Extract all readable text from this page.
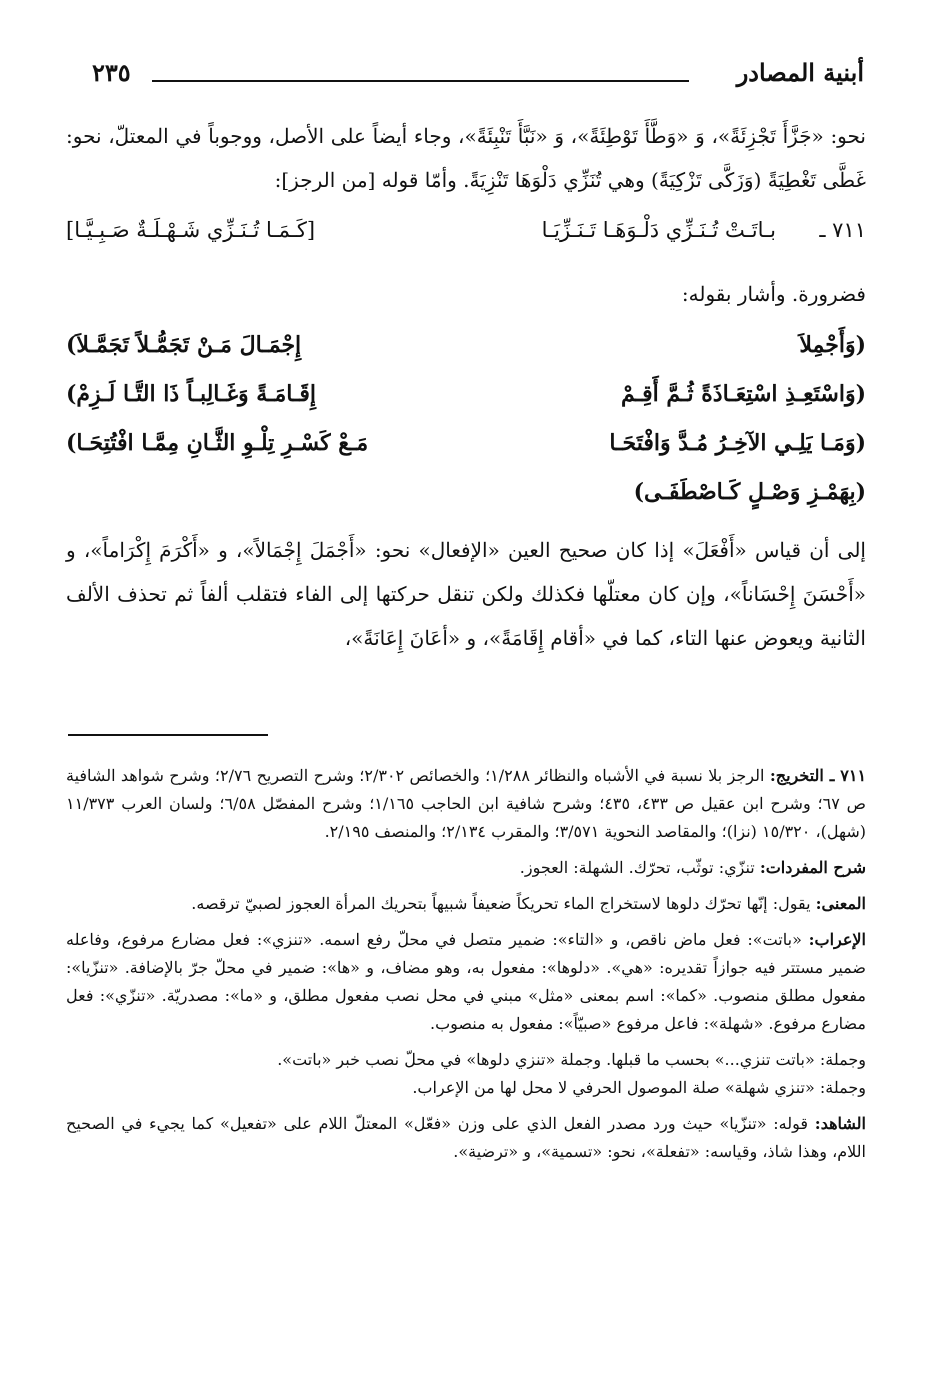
أبنية المصادر
٢٣٥
نحو: «جَزَّأَ تَجْزِئَةً»، وَ «وَطَّأَ تَوْطِئَةً»، وَ «نَبَّأَ تَنْبِئَةً»، وجاء أيضاً على الأصل، ووجوباً في المعتلّ، نحو: غَطَّى تَغْطِيَةً (وَزَكَّى تَزْكِيَةً) وهي تُنَزِّي دَلْوَهَا تَنْزِيَةً. وأمّا قوله [من الرجز]:
٧١١ ـ
بـاتَـتْ تُـنَـزِّي دَلْـوَهَـا تَـنَـزِّيَـا
[كَـمَـا تُـنَـزِّي شَـهْـلَـةٌ صَـبِـيَّـا]
فضرورة. وأشار بقوله:
(وَأَجْمِلاَ
إِجْمَـالَ مَـنْ تَجَمُّـلاً تَجَمَّـلاَ)
(وَاسْتَعِـذِ اسْتِعَـاذَةً ثُـمَّ أَقِـمْ
إِقَـامَـةً وَغَـالِبـاً ذَا التَّـا لَـزِمْ)
(وَمَـا يَلِـي الآخِـرُ مُـدَّ وَافْتَحَـا
مَـعْ كَسْـرِ تِلْـوِ الثَّـانِ مِمَّـا افْتُتِحَـا)
(بِهَمْـزِ وَصْـلٍ كَـاصْطَفَـى)
إلى أن قياس «أَفْعَلَ» إذا كان صحيح العين «الإفعال» نحو: «أَجْمَلَ إِجْمَالاً»، و «أَكْرَمَ إِكْرَاماً»، و «أَحْسَنَ إِحْسَاناً»، وإن كان معتلّها فكذلك ولكن تنقل حركتها إلى الفاء فتقلب ألفاً ثم تحذف الألف الثانية ويعوض عنها التاء، كما في «أقام إِقَامَةً»، و «أعَانَ إِعَانَةً»،

٧١١ ـ التخريج: الرجز بلا نسبة في الأشباه والنظائر ١/٢٨٨؛ والخصائص ٢/٣٠٢؛ وشرح التصريح ٢/٧٦؛ وشرح شواهد الشافية ص ٦٧؛ وشرح ابن عقيل ص ٤٣٣، ٤٣٥؛ وشرح شافية ابن الحاجب ١/١٦٥؛ وشرح المفصّل ٦/٥٨؛ ولسان العرب ١١/٣٧٣ (شهل)، ١٥/٣٢٠ (نزا)؛ والمقاصد النحوية ٣/٥٧١؛ والمقرب ٢/١٣٤؛ والمنصف ٢/١٩٥.

شرح المفردات: تنزّي: توثّب، تحرّك. الشهلة: العجوز.

المعنى: يقول: إنّها تحرّك دلوها لاستخراج الماء تحريكاً ضعيفاً شبيهاً بتحريك المرأة العجوز لصبيّ ترقصه.

الإعراب: «باتت»: فعل ماض ناقص، و «التاء»: ضمير متصل في محلّ رفع اسمه. «تنزي»: فعل مضارع مرفوع، وفاعله ضمير مستتر فيه جوازاً تقديره: «هي». «دلوها»: مفعول به، وهو مضاف، و «ها»: ضمير في محلّ جرّ بالإضافة. «تنزّيا»: مفعول مطلق منصوب. «كما»: اسم بمعنى «مثل» مبني في محل نصب مفعول مطلق، و «ما»: مصدريّة. «تنزّي»: فعل مضارع مرفوع. «شهلة»: فاعل مرفوع «صبيّاً»: مفعول به منصوب.

وجملة: «باتت تنزي...» بحسب ما قبلها. وجملة «تنزي دلوها» في محلّ نصب خبر «باتت».

وجملة: «تنزي شهلة» صلة الموصول الحرفي لا محل لها من الإعراب.

الشاهد: قوله: «تنزّيا» حيث ورد مصدر الفعل الذي على وزن «فعّل» المعتلّ اللام على «تفعيل» كما يجيء في الصحيح اللام، وهذا شاذ، وقياسه: «تفعلة»، نحو: «تسمية»، و «ترضية».
